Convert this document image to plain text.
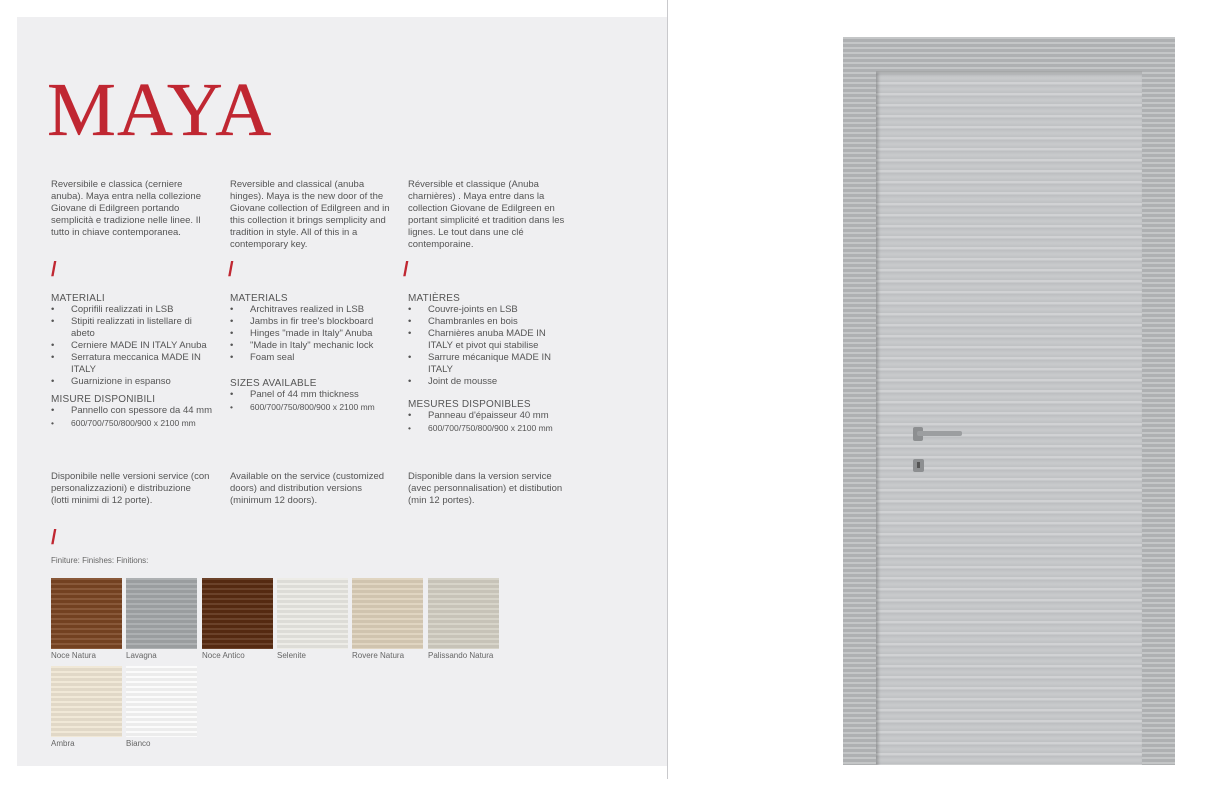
MAYA

Reversibile e classica (cerniere anuba). Maya entra nella collezione Giovane di Edilgreen portando semplicità e tradizione nelle linee. Il tutto in chiave contemporanea.

Reversible and classical (anuba hinges). Maya is the new door of the Giovane collection of Edilgreen and in this collection it brings semplicity and tradition in style. All of this in a contemporary key.

Réversible et classique (Anuba charnières) . Maya entre dans la collection Giovane de Edilgreen en portant simplicité et tradition dans les lignes. Le tout dans une clé contemporaine.

/	/	/

MATERIALI

• Coprifili realizzati in LSB
• Stipiti realizzati in listellare di abeto
• Cerniere MADE IN ITALY Anuba
• Serratura meccanica MADE IN ITALY
• Guarnizione in espanso

MISURE DISPONIBILI

• Pannello con spessore da 44 mm
• 600/700/750/800/900 x 2100 mm

MATERIALS

• Architraves realized in LSB
• Jambs in fir tree's blockboard
• Hinges "made in Italy" Anuba
• "Made in Italy" mechanic lock
• Foam seal

SIZES AVAILABLE

• Panel of 44 mm thickness
• 600/700/750/800/900 x 2100 mm

MATIÈRES

• Couvre-joints en LSB
• Chambranles en bois
• Charnières anuba MADE IN ITALY et pivot qui stabilise
• Sarrure mécanique MADE IN ITALY
• Joint de mousse

MESURES DISPONIBLES

• Panneau d'épaisseur 40 mm
• 600/700/750/800/900 x 2100 mm

Disponibile nelle versioni service (con personalizzazioni) e distribuzione (lotti minimi di 12 porte).

Available on the service (customized doors) and distribution versions (minimum 12 doors).

Disponible dans la version service (avec personnalisation) et distibution (min 12 portes).

/
Finiture: Finishes: Finitions:
Noce Natura	Lavagna	Noce Antico	Selenite	Rovere Natura	Palissando Natura
Ambra	Bianco
